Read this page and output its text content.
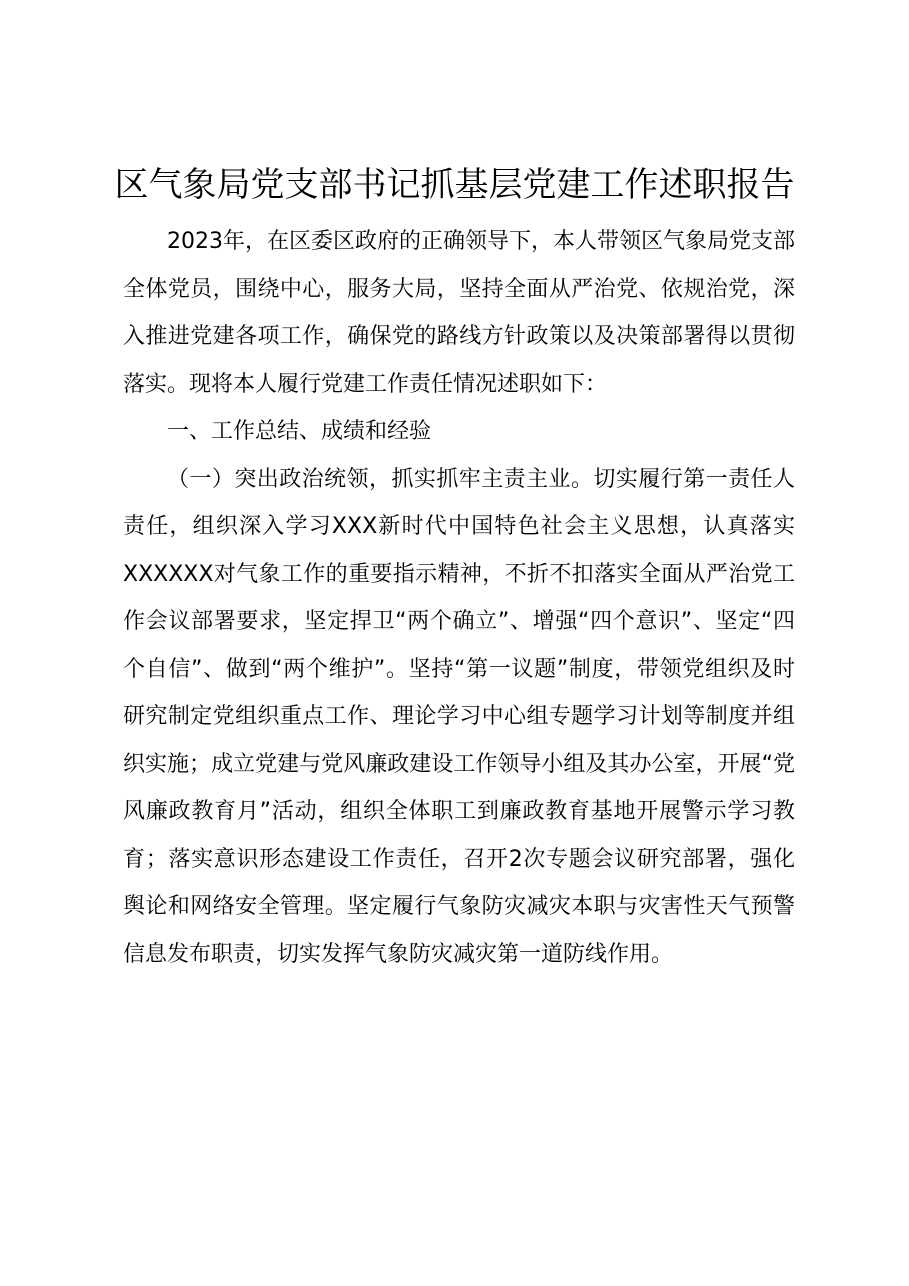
区气象局党支部书记抓基层党建工作述职报告

2023年，在区委区政府的正确领导下，本人带领区气象局党支部全体党员，围绕中心，服务大局，坚持全面从严治党、依规治党，深入推进党建各项工作，确保党的路线方针政策以及决策部署得以贯彻落实。现将本人履行党建工作责任情况述职如下：

一、工作总结、成绩和经验

（一）突出政治统领，抓实抓牢主责主业。切实履行第一责任人责任，组织深入学习XXX新时代中国特色社会主义思想，认真落实XXXXXX对气象工作的重要指示精神，不折不扣落实全面从严治党工作会议部署要求，坚定捍卫“两个确立”、增强“四个意识”、坚定“四个自信”、做到“两个维护”。坚持“第一议题”制度，带领党组织及时研究制定党组织重点工作、理论学习中心组专题学习计划等制度并组织实施；成立党建与党风廉政建设工作领导小组及其办公室，开展“党风廉政教育月”活动，组织全体职工到廉政教育基地开展警示学习教育；落实意识形态建设工作责任，召开2次专题会议研究部署，强化舆论和网络安全管理。坚定履行气象防灾减灾本职与灾害性天气预警信息发布职责，切实发挥气象防灾减灾第一道防线作用。
